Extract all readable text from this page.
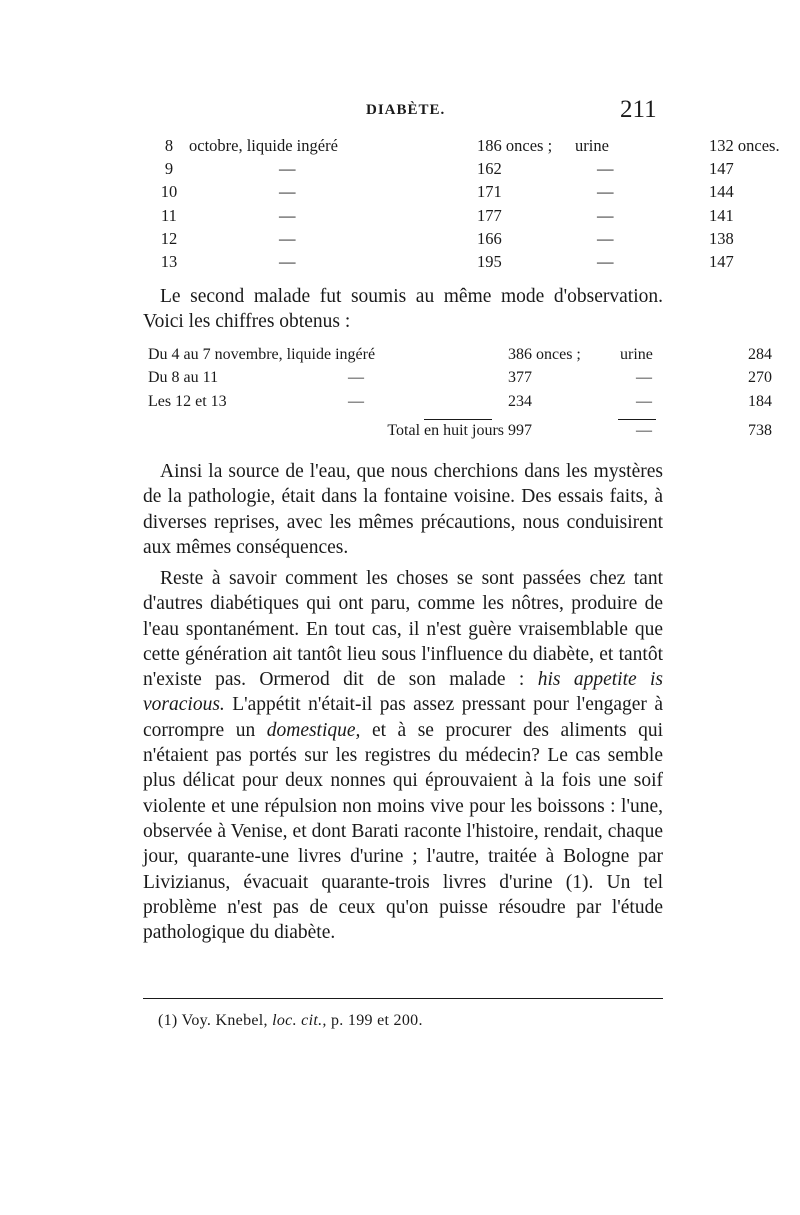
DIABÈTE.	211
8	octobre, liquide ingéré	186 onces ;	urine	132 onces.
9	—	162	—	147
10	—	171	—	144
11	—	177	—	141
12	—	166	—	138
13	—	195	—	147

Le second malade fut soumis au même mode d'observation. Voici les chiffres obtenus :

Du 4 au 7 novembre, liquide ingéré		386 onces ;	urine	284
Du 8 au 11	—	377	—	270
Les 12 et 13	—	234	—	184
Total en huit jours		997	—	738

Ainsi la source de l'eau, que nous cherchions dans les mystères de la pathologie, était dans la fontaine voisine. Des essais faits, à diverses reprises, avec les mêmes précautions, nous conduisirent aux mêmes conséquences.

Reste à savoir comment les choses se sont passées chez tant d'autres diabétiques qui ont paru, comme les nôtres, produire de l'eau spontanément. En tout cas, il n'est guère vraisemblable que cette génération ait tantôt lieu sous l'influence du diabète, et tantôt n'existe pas. Ormerod dit de son malade : his appetite is voracious. L'appétit n'était-il pas assez pressant pour l'engager à corrompre un domestique, et à se procurer des aliments qui n'étaient pas portés sur les registres du médecin? Le cas semble plus délicat pour deux nonnes qui éprouvaient à la fois une soif violente et une répulsion non moins vive pour les boissons : l'une, observée à Venise, et dont Barati raconte l'histoire, rendait, chaque jour, quarante-une livres d'urine ; l'autre, traitée à Bologne par Livizianus, évacuait quarante-trois livres d'urine (1). Un tel problème n'est pas de ceux qu'on puisse résoudre par l'étude pathologique du diabète.

(1) Voy. Knebel, loc. cit., p. 199 et 200.
